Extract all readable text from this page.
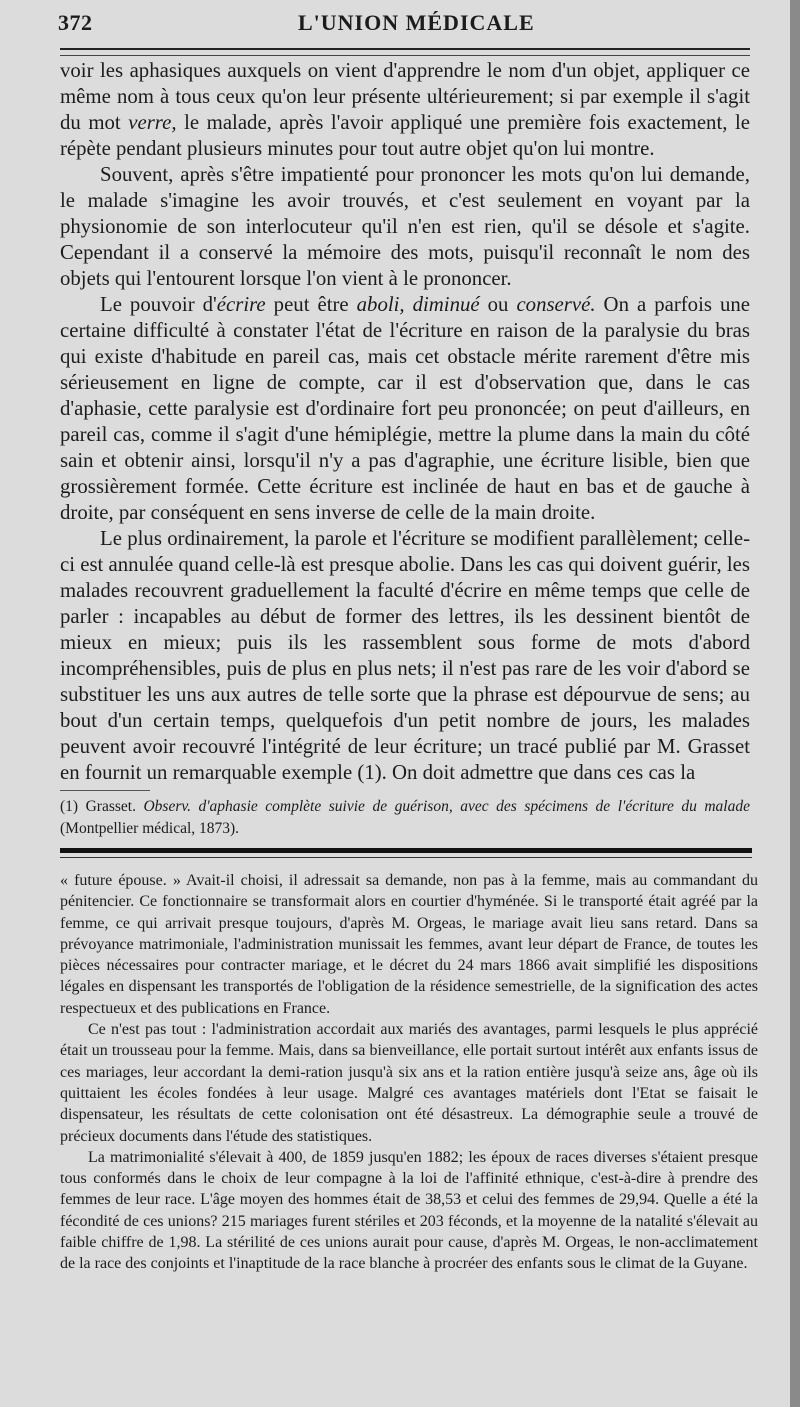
372	L'UNION MÉDICALE

voir les aphasiques auxquels on vient d'apprendre le nom d'un objet, appliquer ce même nom à tous ceux qu'on leur présente ultérieurement; si par exemple il s'agit du mot verre, le malade, après l'avoir appliqué une première fois exactement, le répète pendant plusieurs minutes pour tout autre objet qu'on lui montre.

Souvent, après s'être impatienté pour prononcer les mots qu'on lui demande, le malade s'imagine les avoir trouvés, et c'est seulement en voyant par la physionomie de son interlocuteur qu'il n'en est rien, qu'il se désole et s'agite. Cependant il a conservé la mémoire des mots, puisqu'il reconnaît le nom des objets qui l'entourent lorsque l'on vient à le prononcer.

Le pouvoir d'écrire peut être aboli, diminué ou conservé. On a parfois une certaine difficulté à constater l'état de l'écriture en raison de la paralysie du bras qui existe d'habitude en pareil cas, mais cet obstacle mérite rarement d'être mis sérieusement en ligne de compte, car il est d'observation que, dans le cas d'aphasie, cette paralysie est d'ordinaire fort peu prononcée; on peut d'ailleurs, en pareil cas, comme il s'agit d'une hémiplégie, mettre la plume dans la main du côté sain et obtenir ainsi, lorsqu'il n'y a pas d'agraphie, une écriture lisible, bien que grossièrement formée. Cette écriture est inclinée de haut en bas et de gauche à droite, par conséquent en sens inverse de celle de la main droite.

Le plus ordinairement, la parole et l'écriture se modifient parallèlement; celle-ci est annulée quand celle-là est presque abolie. Dans les cas qui doivent guérir, les malades recouvrent graduellement la faculté d'écrire en même temps que celle de parler : incapables au début de former des lettres, ils les dessinent bientôt de mieux en mieux; puis ils les rassemblent sous forme de mots d'abord incompréhensibles, puis de plus en plus nets; il n'est pas rare de les voir d'abord se substituer les uns aux autres de telle sorte que la phrase est dépourvue de sens; au bout d'un certain temps, quelquefois d'un petit nombre de jours, les malades peuvent avoir recouvré l'intégrité de leur écriture; un tracé publié par M. Grasset en fournit un remarquable exemple (1). On doit admettre que dans ces cas la

(1) Grasset. Observ. d'aphasie complète suivie de guérison, avec des spécimens de l'écriture du malade (Montpellier médical, 1873).

« future épouse. » Avait-il choisi, il adressait sa demande, non pas à la femme, mais au commandant du pénitencier. Ce fonctionnaire se transformait alors en courtier d'hyménée. Si le transporté était agréé par la femme, ce qui arrivait presque toujours, d'après M. Orgeas, le mariage avait lieu sans retard. Dans sa prévoyance matrimoniale, l'administration munissait les femmes, avant leur départ de France, de toutes les pièces nécessaires pour contracter mariage, et le décret du 24 mars 1866 avait simplifié les dispositions légales en dispensant les transportés de l'obligation de la résidence semestrielle, de la signification des actes respectueux et des publications en France.

Ce n'est pas tout : l'administration accordait aux mariés des avantages, parmi lesquels le plus apprécié était un trousseau pour la femme. Mais, dans sa bienveillance, elle portait surtout intérêt aux enfants issus de ces mariages, leur accordant la demi-ration jusqu'à six ans et la ration entière jusqu'à seize ans, âge où ils quittaient les écoles fondées à leur usage. Malgré ces avantages matériels dont l'Etat se faisait le dispensateur, les résultats de cette colonisation ont été désastreux. La démographie seule a trouvé de précieux documents dans l'étude des statistiques.

La matrimonialité s'élevait à 400, de 1859 jusqu'en 1882; les époux de races diverses s'étaient presque tous conformés dans le choix de leur compagne à la loi de l'affinité ethnique, c'est-à-dire à prendre des femmes de leur race. L'âge moyen des hommes était de 38,53 et celui des femmes de 29,94. Quelle a été la fécondité de ces unions? 215 mariages furent stériles et 203 féconds, et la moyenne de la natalité s'élevait au faible chiffre de 1,98. La stérilité de ces unions aurait pour cause, d'après M. Orgeas, le non-acclimatement de la race des conjoints et l'inaptitude de la race blanche à procréer des enfants sous le climat de la Guyane.
